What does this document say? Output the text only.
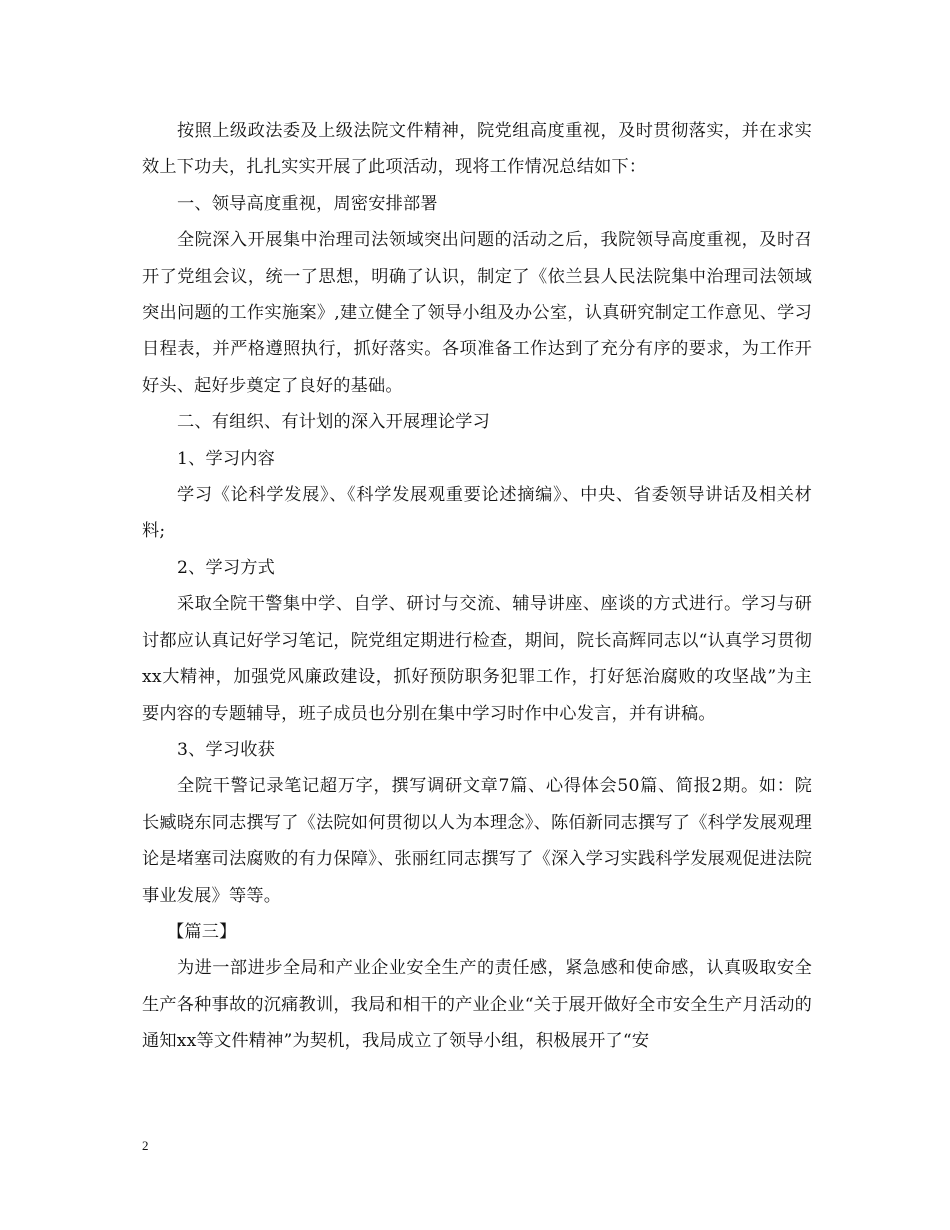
按照上级政法委及上级法院文件精神，院党组高度重视，及时贯彻落实，并在求实效上下功夫，扎扎实实开展了此项活动，现将工作情况总结如下：

一、领导高度重视，周密安排部署

全院深入开展集中治理司法领域突出问题的活动之后，我院领导高度重视，及时召开了党组会议，统一了思想，明确了认识，制定了《依兰县人民法院集中治理司法领域突出问题的工作实施案》,建立健全了领导小组及办公室，认真研究制定工作意见、学习日程表，并严格遵照执行，抓好落实。各项准备工作达到了充分有序的要求，为工作开好头、起好步奠定了良好的基础。

二、有组织、有计划的深入开展理论学习

1、学习内容

学习《论科学发展》、《科学发展观重要论述摘编》、中央、省委领导讲话及相关材料;

2、学习方式

采取全院干警集中学、自学、研讨与交流、辅导讲座、座谈的方式进行。学习与研讨都应认真记好学习笔记，院党组定期进行检查，期间，院长高辉同志以“认真学习贯彻xx大精神，加强党风廉政建设，抓好预防职务犯罪工作，打好惩治腐败的攻坚战”为主要内容的专题辅导，班子成员也分别在集中学习时作中心发言，并有讲稿。

3、学习收获

全院干警记录笔记超万字，撰写调研文章7篇、心得体会50篇、简报2期。如：院长臧晓东同志撰写了《法院如何贯彻以人为本理念》、陈佰新同志撰写了《科学发展观理论是堵塞司法腐败的有力保障》、张丽红同志撰写了《深入学习实践科学发展观促进法院事业发展》等等。

【篇三】

为进一部进步全局和产业企业安全生产的责任感，紧急感和使命感，认真吸取安全生产各种事故的沉痛教训，我局和相干的产业企业“关于展开做好全市安全生产月活动的通知xx等文件精神”为契机，我局成立了领导小组，积极展开了“安

2
